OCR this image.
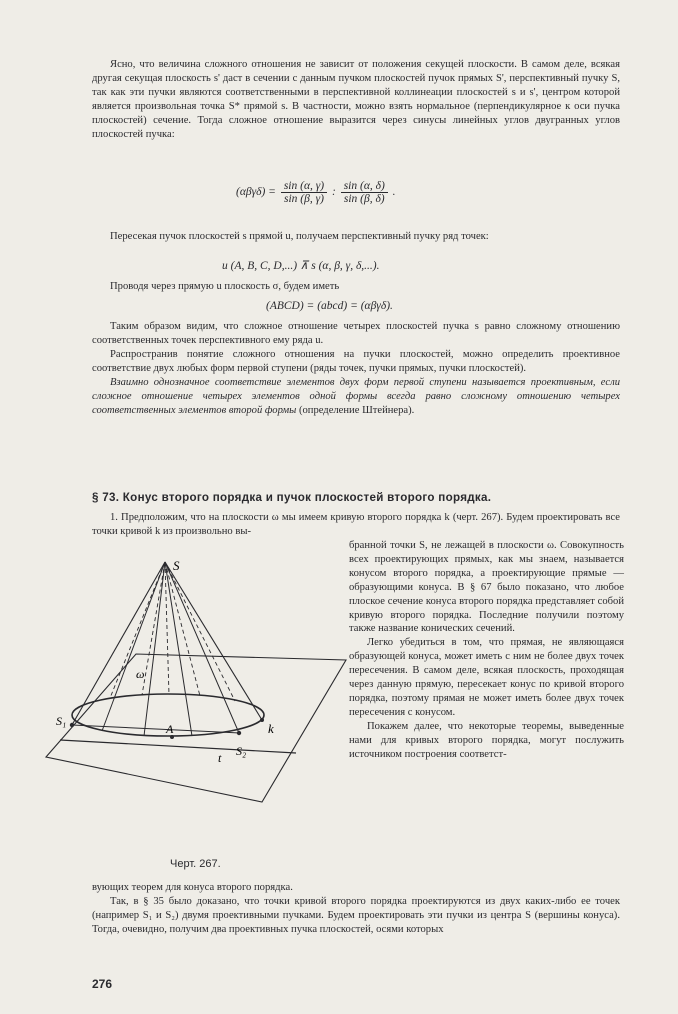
Ясно, что величина сложного отношения не зависит от положения секущей плоскости. В самом деле, всякая другая секущая плоскость s' даст в сечении с данным пучком плоскостей пучок прямых S', перспективный пучку S, так как эти пучки являются соответственными в перспективной коллинеации плоскостей s и s', центром которой является произвольная точка S* прямой s. В частности, можно взять нормальное (перпендикулярное к оси пучка плоскостей) сечение. Тогда сложное отношение выразится через синусы линейных углов двугранных углов плоскостей пучка:

$(\alpha\beta\gamma\delta) = \frac{\sin (\alpha, \gamma)}{\sin (\beta, \gamma)}$ : $\frac{\sin (\alpha, \delta)}{\sin (\beta, \delta)}$ .

Пересекая пучок плоскостей s прямой u, получаем перспективный пучку ряд точек:

u (A, B, C, D,...) ⊼ s (α, β, γ, δ,...).

Проводя через прямую u плоскость σ, будем иметь

(ABCD) = (abcd) = (αβγδ).

Таким образом видим, что сложное отношение четырех плоскостей пучка s равно сложному отношению соответственных точек перспективного ему ряда u.

Распространив понятие сложного отношения на пучки плоскостей, можно определить проективное соответствие двух любых форм первой ступени (ряды точек, пучки прямых, пучки плоскостей).

Взаимно однозначное соответствие элементов двух форм первой ступени называется проективным, если сложное отношение четырех элементов одной формы всегда равно сложному отношению четырех соответственных элементов второй формы (определение Штейнера).

§ 73. Конус второго порядка и пучок плоскостей второго порядка.

1. Предположим, что на плоскости ω мы имеем кривую второго порядка k (черт. 267). Будем проектировать все точки кривой k из произвольно вы-

S
ω
k
S₁
S₂
A
t

бранной точки S, не лежащей в плоскости ω. Совокупность всех проектирующих прямых, как мы знаем, называется конусом второго порядка, а проектирующие прямые — образующими конуса. В § 67 было показано, что любое плоское сечение конуса второго порядка представляет собой кривую второго порядка. Последние получили поэтому также название конических сечений.

Легко убедиться в том, что прямая, не являющаяся образующей конуса, может иметь с ним не более двух точек пересечения. В самом деле, всякая плоскость, проходящая через данную прямую, пересекает конус по кривой второго порядка, поэтому прямая не может иметь более двух точек пересечения с конусом.

Покажем далее, что некоторые теоремы, выведенные нами для кривых второго порядка, могут послужить источником построения соответст-

Черт. 267.

вующих теорем для конуса второго порядка.

Так, в § 35 было доказано, что точки кривой второго порядка проектируются из двух каких-либо ее точек (например S₁ и S₂) двумя проективными пучками. Будем проектировать эти пучки из центра S (вершины конуса). Тогда, очевидно, получим два проективных пучка плоскостей, осями которых

276
